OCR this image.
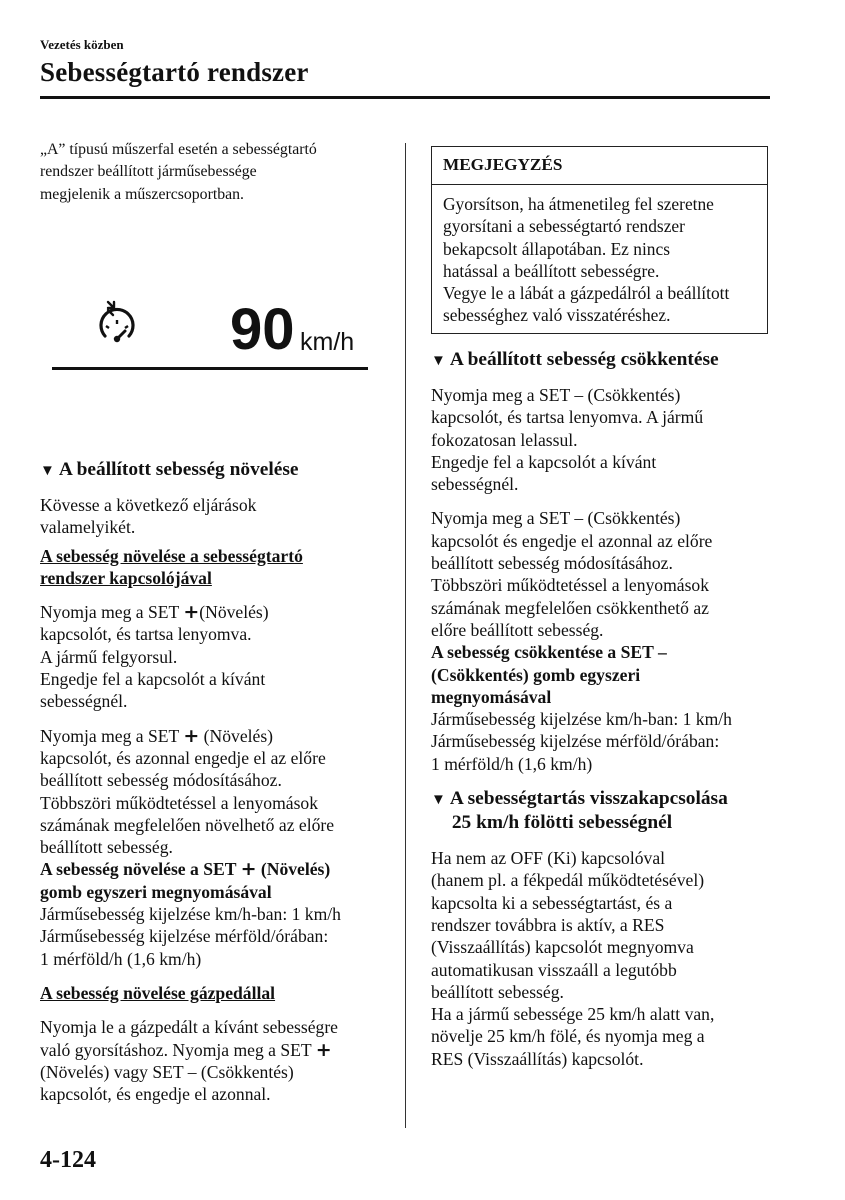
Vezetés közben
Sebességtartó rendszer

„A” típusú műszerfal esetén a sebességtartó

rendszer beállított járműsebessége

megjelenik a műszercsoportban.

90 km/h

▼ A beállított sebesség növelése

Kövesse a következő eljárások

valamelyikét.

A sebesség növelése a sebességtartó

rendszer kapcsolójával

Nyomja meg a SET +(Növelés)

kapcsolót, és tartsa lenyomva.

A jármű felgyorsul.

Engedje fel a kapcsolót a kívánt

sebességnél.

Nyomja meg a SET + (Növelés)

kapcsolót, és azonnal engedje el az előre

beállított sebesség módosításához.

Többszöri működtetéssel a lenyomások

számának megfelelően növelhető az előre

beállított sebesség.

A sebesség növelése a SET + (Növelés)

gomb egyszeri megnyomásával

Járműsebesség kijelzése km/h-ban: 1 km/h

Járműsebesség kijelzése mérföld/órában:

1 mérföld/h (1,6 km/h)

A sebesség növelése gázpedállal

Nyomja le a gázpedált a kívánt sebességre

való gyorsításhoz. Nyomja meg a SET +

(Növelés) vagy SET – (Csökkentés)

kapcsolót, és engedje el azonnal.

MEGJEGYZÉS

Gyorsítson, ha átmenetileg fel szeretne

gyorsítani a sebességtartó rendszer

bekapcsolt állapotában. Ez nincs

hatással a beállított sebességre.

Vegye le a lábát a gázpedálról a beállított

sebességhez való visszatéréshez.

▼ A beállított sebesség csökkentése

Nyomja meg a SET – (Csökkentés)

kapcsolót, és tartsa lenyomva. A jármű

fokozatosan lelassul.

Engedje fel a kapcsolót a kívánt

sebességnél.

Nyomja meg a SET – (Csökkentés)

kapcsolót és engedje el azonnal az előre

beállított sebesség módosításához.

Többszöri működtetéssel a lenyomások

számának megfelelően csökkenthető az

előre beállított sebesség.

A sebesség csökkentése a SET –

(Csökkentés) gomb egyszeri

megnyomásával

Járműsebesség kijelzése km/h-ban: 1 km/h

Járműsebesség kijelzése mérföld/órában:

1 mérföld/h (1,6 km/h)

▼ A sebességtartás visszakapcsolása
25 km/h fölötti sebességnél

Ha nem az OFF (Ki) kapcsolóval

(hanem pl. a fékpedál működtetésével)

kapcsolta ki a sebességtartást, és a

rendszer továbbra is aktív, a RES

(Visszaállítás) kapcsolót megnyomva

automatikusan visszaáll a legutóbb

beállított sebesség.

Ha a jármű sebessége 25 km/h alatt van,

növelje 25 km/h fölé, és nyomja meg a

RES (Visszaállítás) kapcsolót.

4-124
